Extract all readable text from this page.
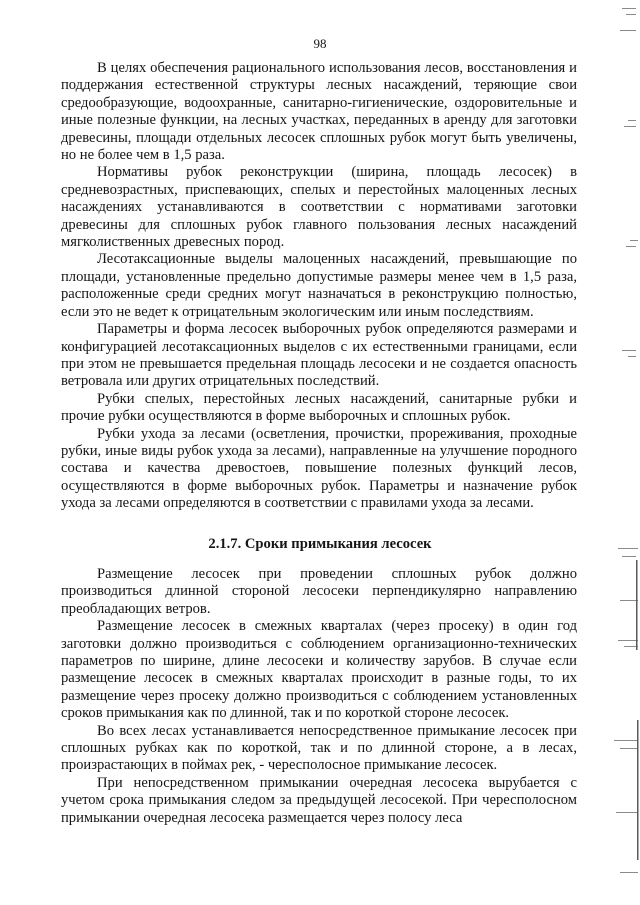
98

В целях обеспечения рационального использования лесов, восстановления и поддержания естественной структуры лесных насаждений, теряющие свои средообразующие, водоохранные, санитарно-гигиенические, оздоровительные и иные полезные функции, на лесных участках, переданных в аренду для заготовки древесины, площади отдельных лесосек сплошных рубок могут быть увеличены, но не более чем в 1,5 раза.

Нормативы рубок реконструкции (ширина, площадь лесосек) в средневозрастных, приспевающих, спелых и перестойных малоценных лесных насаждениях устанавливаются в соответствии с нормативами заготовки древесины для сплошных рубок главного пользования лесных насаждений мягколиственных древесных пород.

Лесотаксационные выделы малоценных насаждений, превышающие по площади, установленные предельно допустимые размеры менее чем в 1,5 раза, расположенные среди средних могут назначаться в реконструкцию полностью, если это не ведет к отрицательным экологическим или иным последствиям.

Параметры и форма лесосек выборочных рубок определяются размерами и конфигурацией лесотаксационных выделов с их естественными границами, если при этом не превышается предельная площадь лесосеки и не создается опасность ветровала или других отрицательных последствий.

Рубки спелых, перестойных лесных насаждений, санитарные рубки и прочие рубки осуществляются в форме выборочных и сплошных рубок.

Рубки ухода за лесами (осветления, прочистки, прореживания, проходные рубки, иные виды рубок ухода за лесами), направленные на улучшение породного состава и качества древостоев, повышение полезных функций лесов, осуществляются в форме выборочных рубок. Параметры и назначение рубок ухода за лесами определяются в соответствии с правилами ухода за лесами.

2.1.7. Сроки примыкания лесосек

Размещение лесосек при проведении сплошных рубок должно производиться длинной стороной лесосеки перпендикулярно направлению преобладающих ветров.

Размещение лесосек в смежных кварталах (через просеку) в один год заготовки должно производиться с соблюдением организационно-технических параметров по ширине, длине лесосеки и количеству зарубов. В случае если размещение лесосек в смежных кварталах происходит в разные годы, то их размещение через просеку должно производиться с соблюдением установленных сроков примыкания как по длинной, так и по короткой стороне лесосек.

Во всех лесах устанавливается непосредственное примыкание лесосек при сплошных рубках как по короткой, так и по длинной стороне, а в лесах, произрастающих в поймах рек, - чересполосное примыкание лесосек.

При непосредственном примыкании очередная лесосека вырубается с учетом срока примыкания следом за предыдущей лесосекой. При чересполосном примыкании очередная лесосека размещается через полосу леса
